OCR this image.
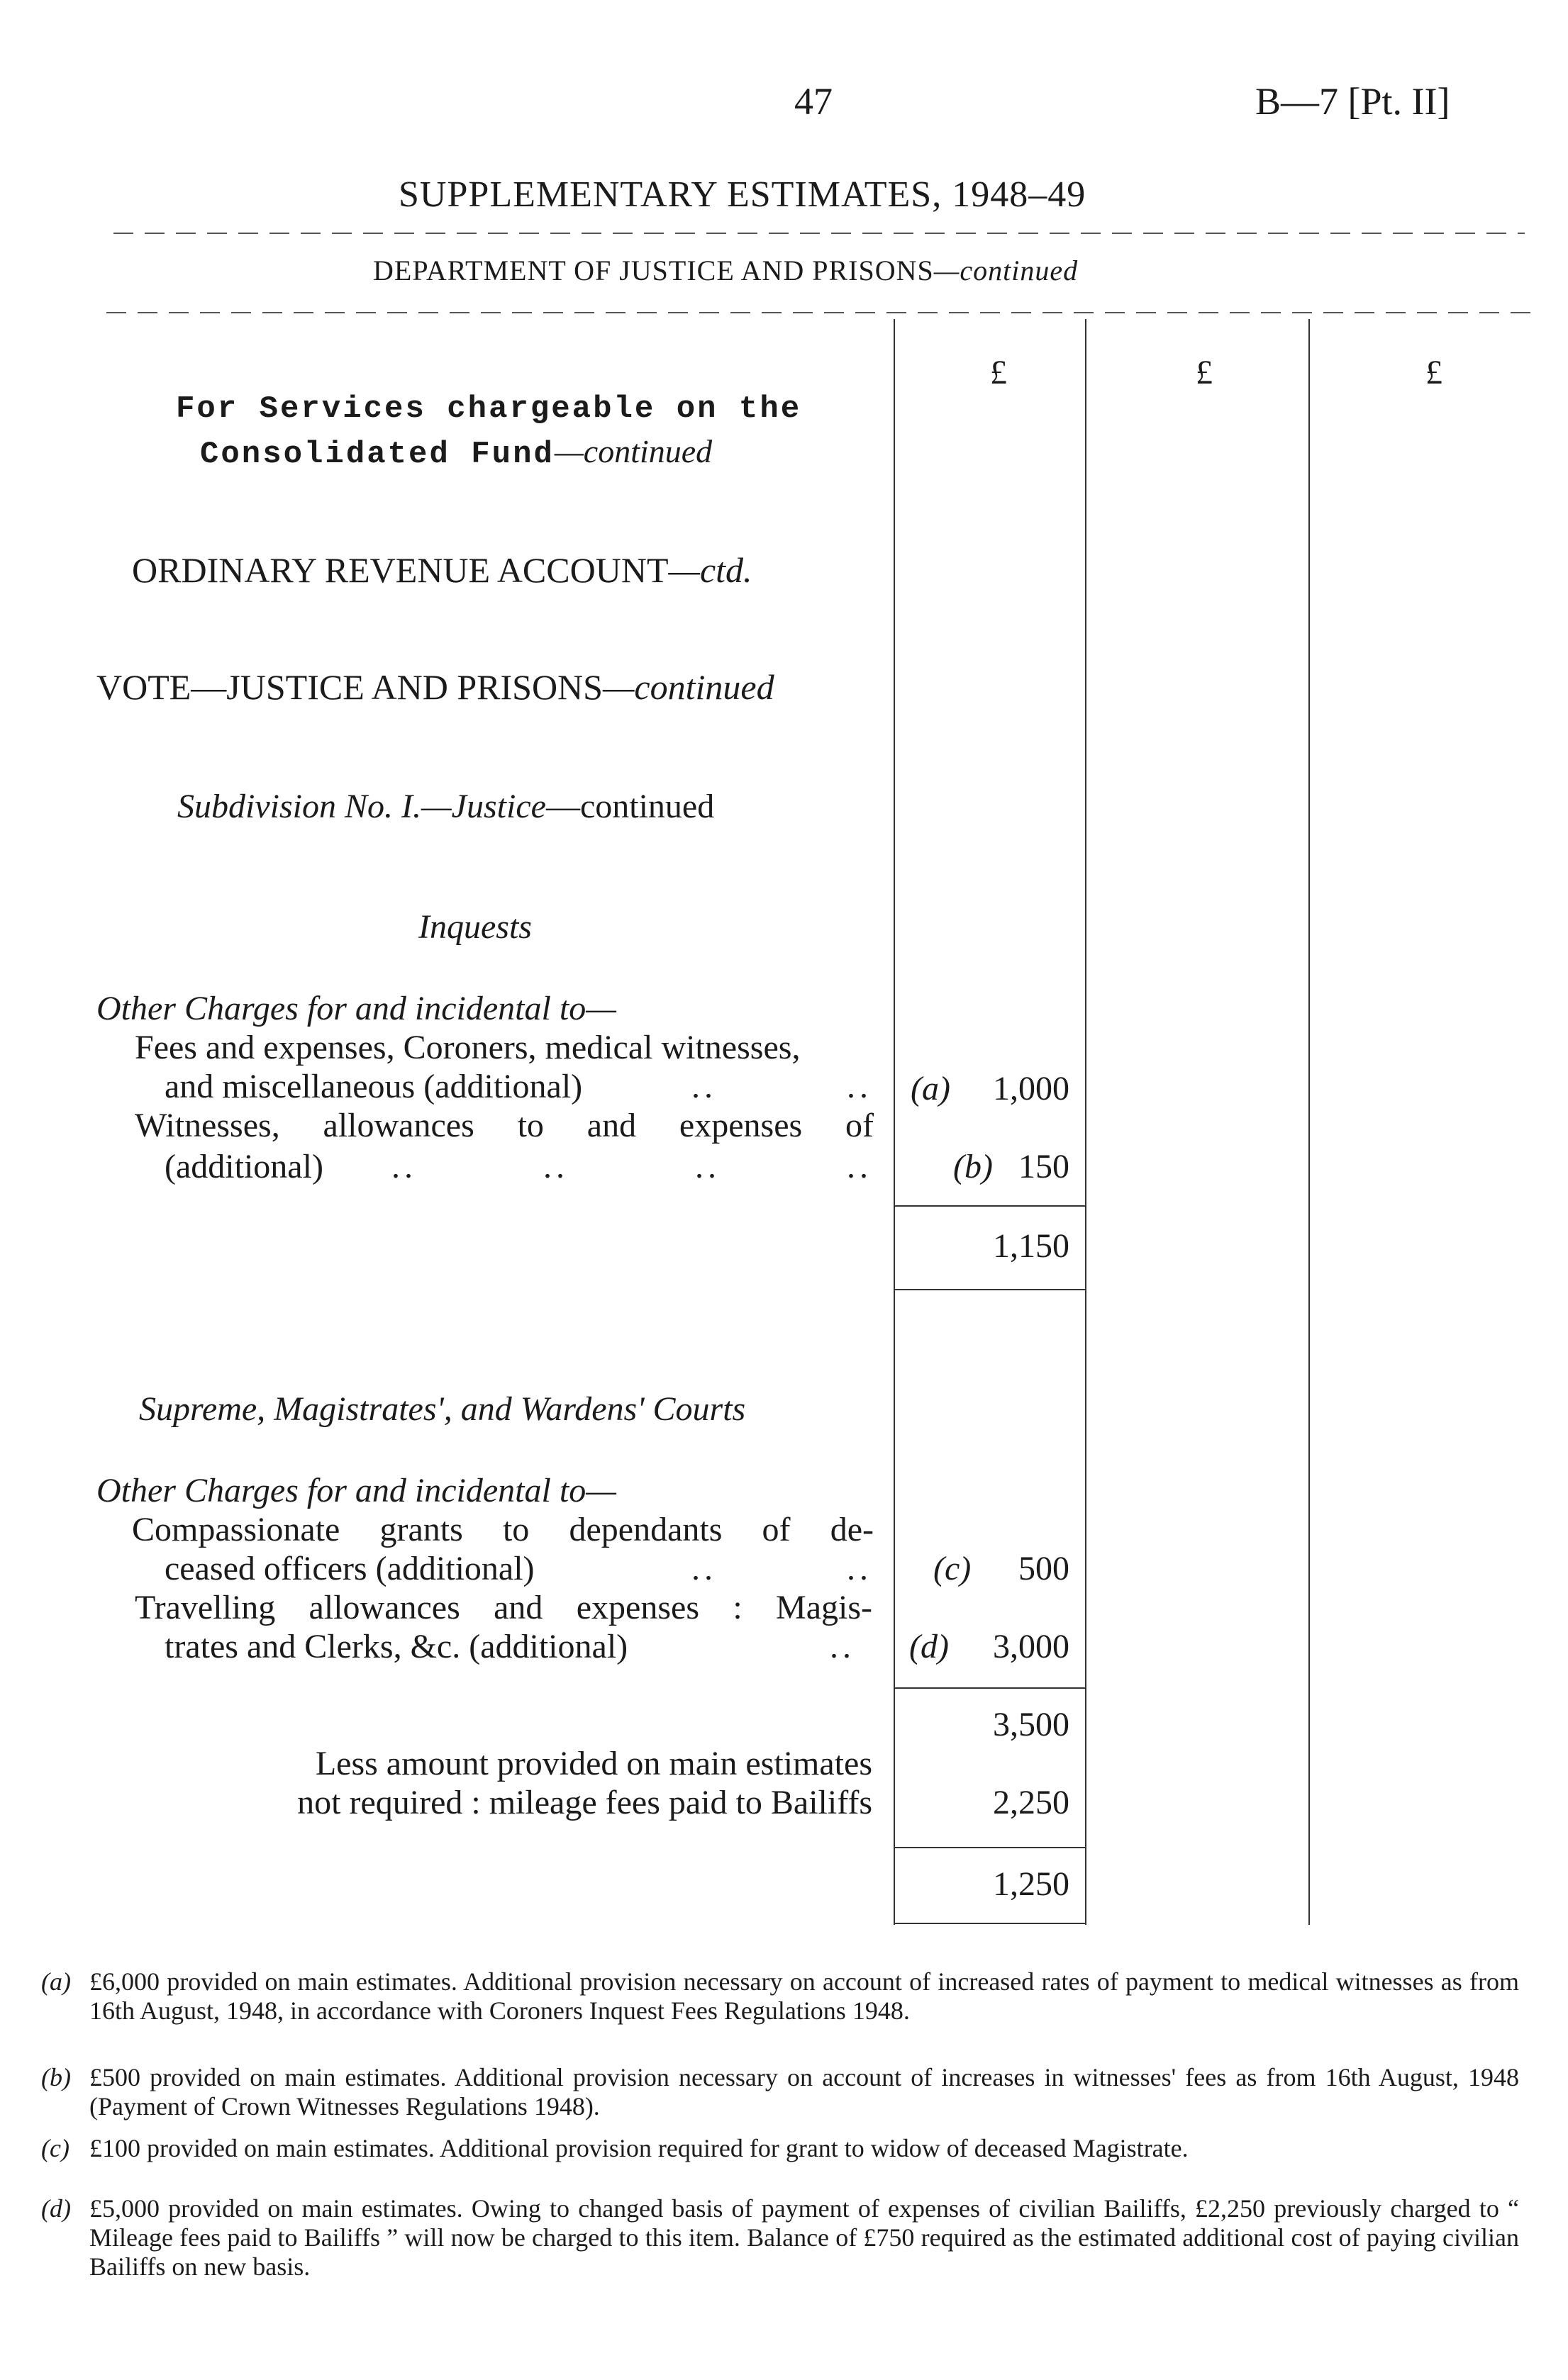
47	B—7 [Pt. II]
SUPPLEMENTARY ESTIMATES, 1948–49
DEPARTMENT OF JUSTICE AND PRISONS—continued
£	£	£
For Services chargeable on the
Consolidated Fund—continued
ORDINARY REVENUE ACCOUNT—ctd.
VOTE—JUSTICE AND PRISONS—continued
Subdivision No. I.—Justice—continued
Inquests
Other Charges for and incidental to—
Fees and expenses, Coroners, medical witnesses,
and miscellaneous (additional)	.. .. (a)	1,000
Witnesses, allowances to and expenses of
(additional) .. .. .. .. (b) 150
1,150
Supreme, Magistrates', and Wardens' Courts
Other Charges for and incidental to—
Compassionate grants to dependants of de-
ceased officers (additional)	.. .. (c)	500
Travelling allowances and expenses : Magis-
trates and Clerks, &c. (additional)	.. (d)	3,000
3,500
Less amount provided on main estimates
not required : mileage fees paid to Bailiffs	2,250
1,250
(a) £6,000 provided on main estimates. Additional provision necessary on account of increased rates of payment to medical witnesses as from 16th August, 1948, in accordance with Coroners Inquest Fees Regulations 1948.
(b) £500 provided on main estimates. Additional provision necessary on account of increases in witnesses' fees as from 16th August, 1948 (Payment of Crown Witnesses Regulations 1948).
(c) £100 provided on main estimates. Additional provision required for grant to widow of deceased Magistrate.
(d) £5,000 provided on main estimates. Owing to changed basis of payment of expenses of civilian Bailiffs, £2,250 previously charged to “ Mileage fees paid to Bailiffs ” will now be charged to this item. Balance of £750 required as the estimated additional cost of paying civilian Bailiffs on new basis.
